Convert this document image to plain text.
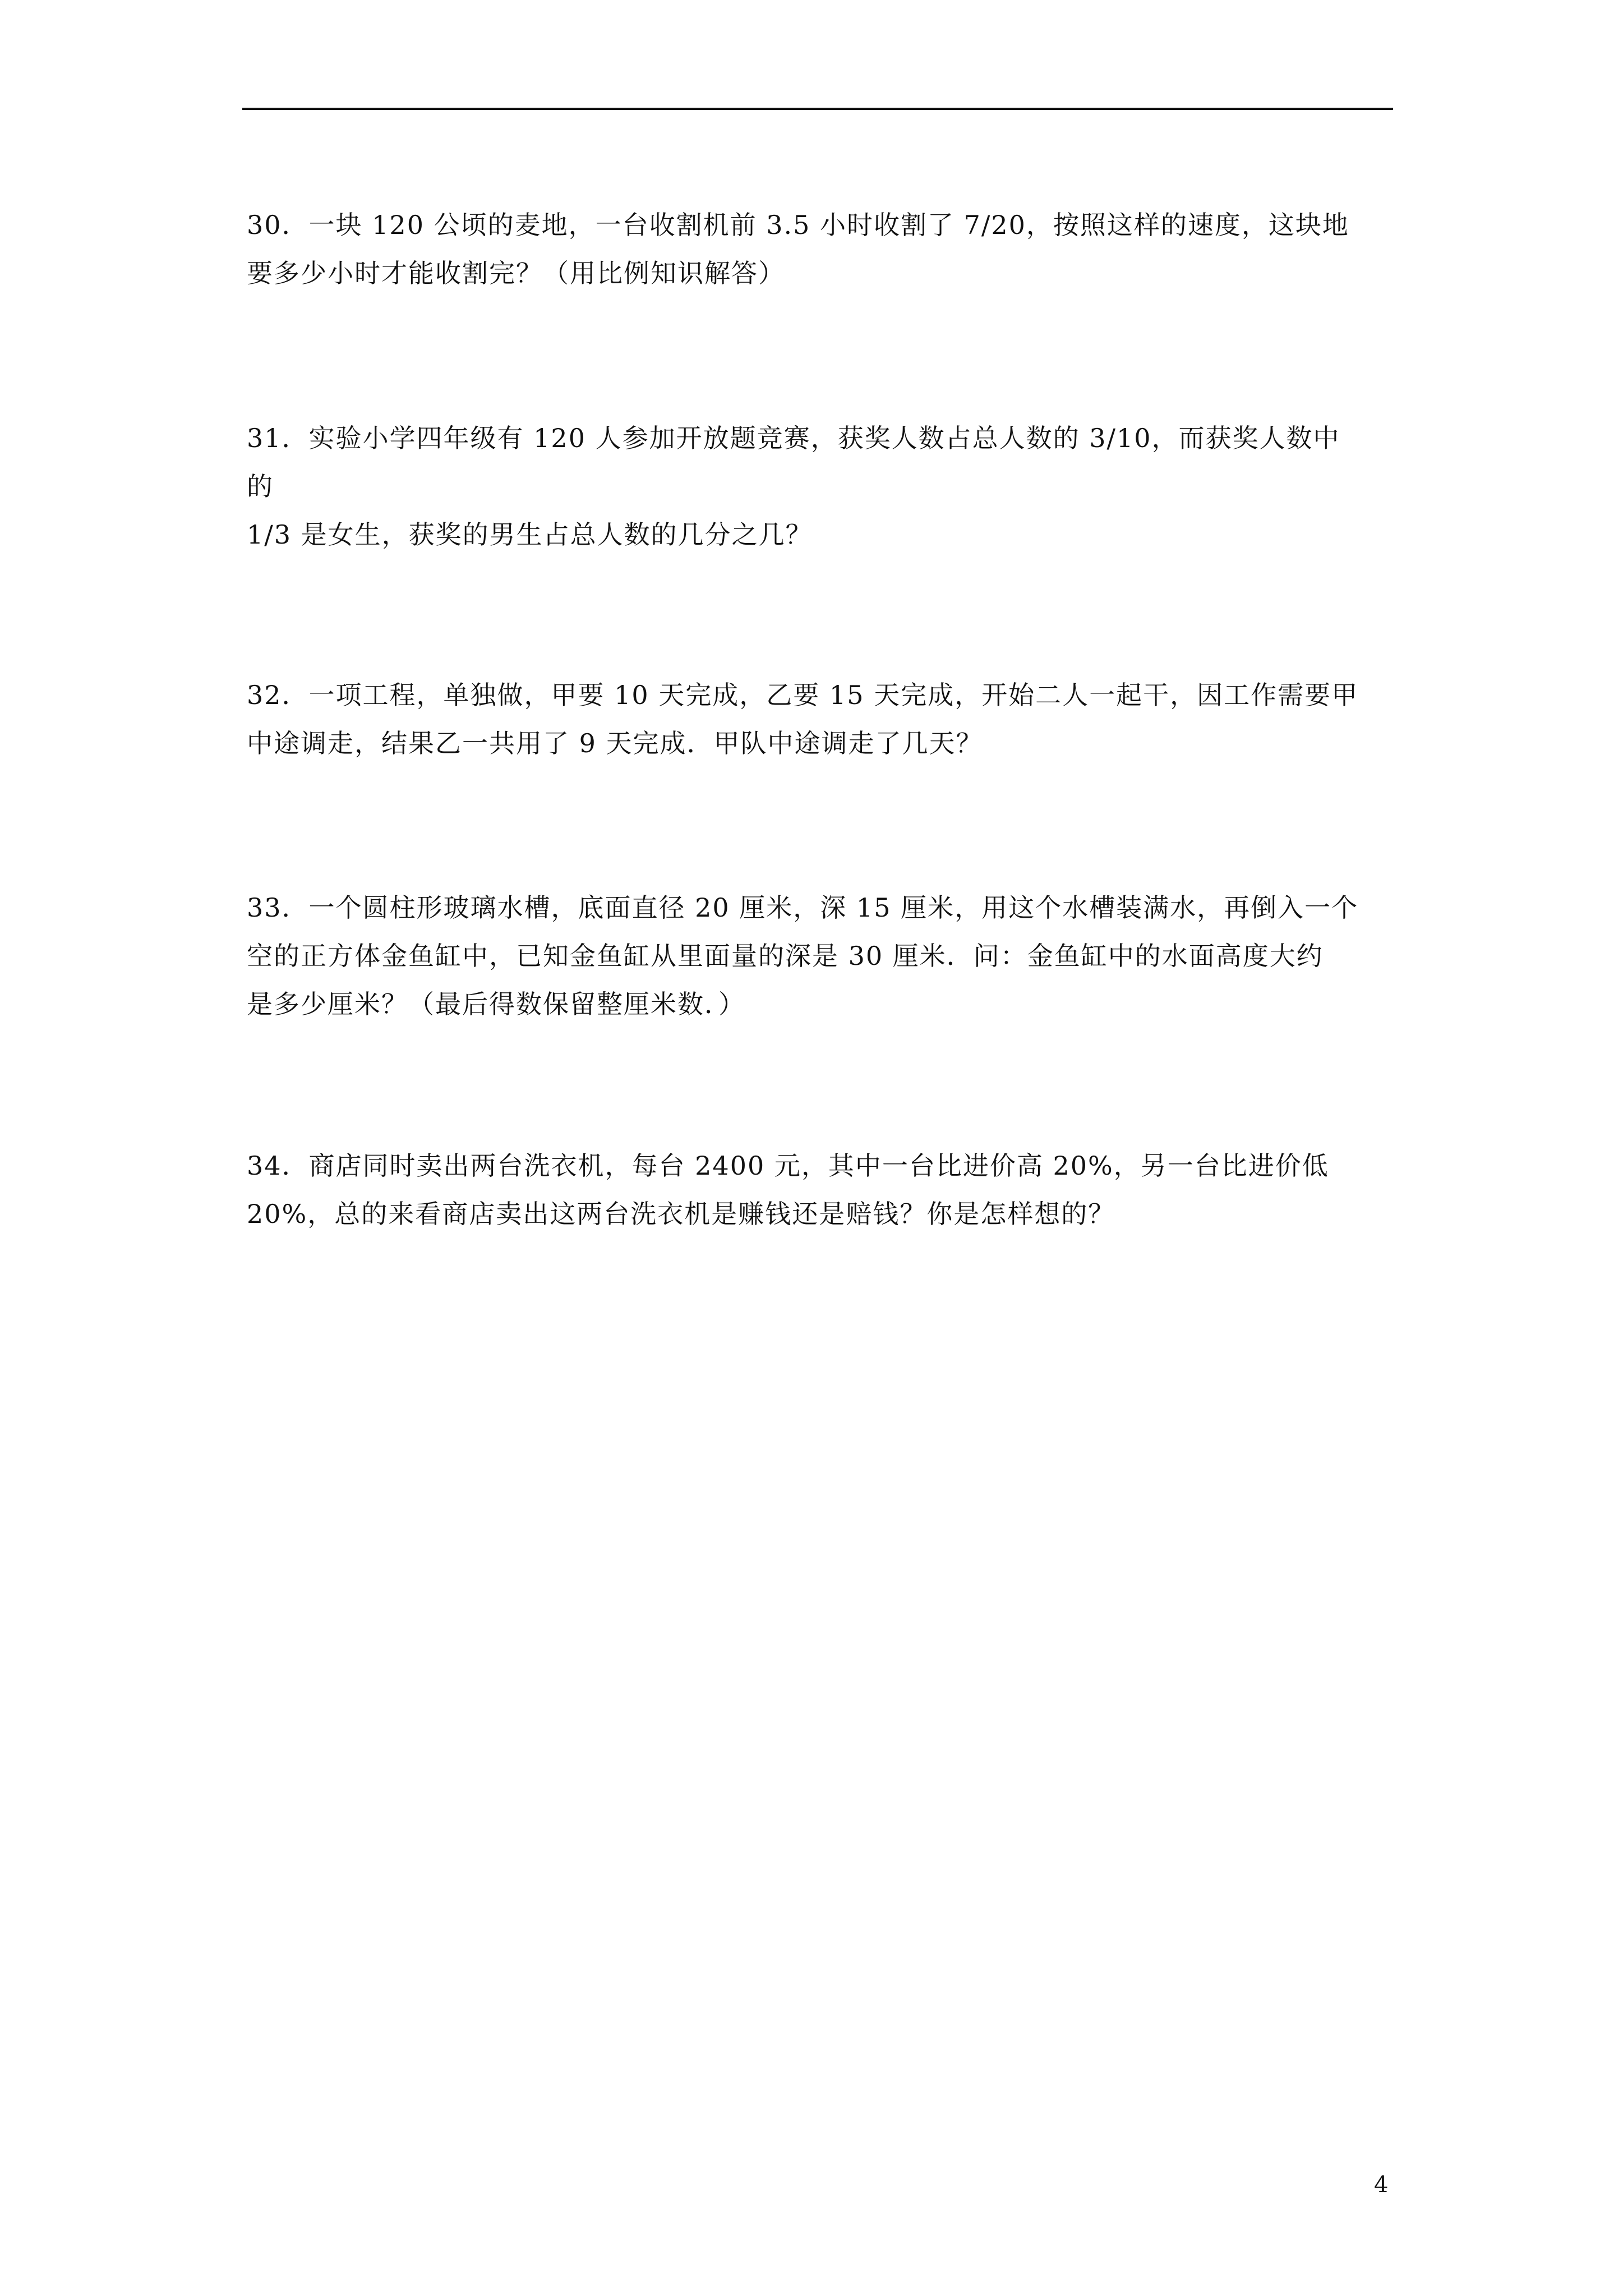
30．一块 120 公顷的麦地，一台收割机前 3.5 小时收割了 7/20，按照这样的速度，这块地
要多少小时才能收割完？（用比例知识解答）
31．实验小学四年级有 120 人参加开放题竞赛，获奖人数占总人数的 3/10，而获奖人数中
的
1/3 是女生，获奖的男生占总人数的几分之几？
32．一项工程，单独做，甲要 10 天完成，乙要 15 天完成，开始二人一起干，因工作需要甲
中途调走，结果乙一共用了 9 天完成．甲队中途调走了几天？
33．一个圆柱形玻璃水槽，底面直径 20 厘米，深 15 厘米，用这个水槽装满水，再倒入一个
空的正方体金鱼缸中，已知金鱼缸从里面量的深是 30 厘米．问：金鱼缸中的水面高度大约
是多少厘米？（最后得数保留整厘米数．）
34．商店同时卖出两台洗衣机，每台 2400 元，其中一台比进价高 20%，另一台比进价低
20%，总的来看商店卖出这两台洗衣机是赚钱还是赔钱？你是怎样想的？
4
